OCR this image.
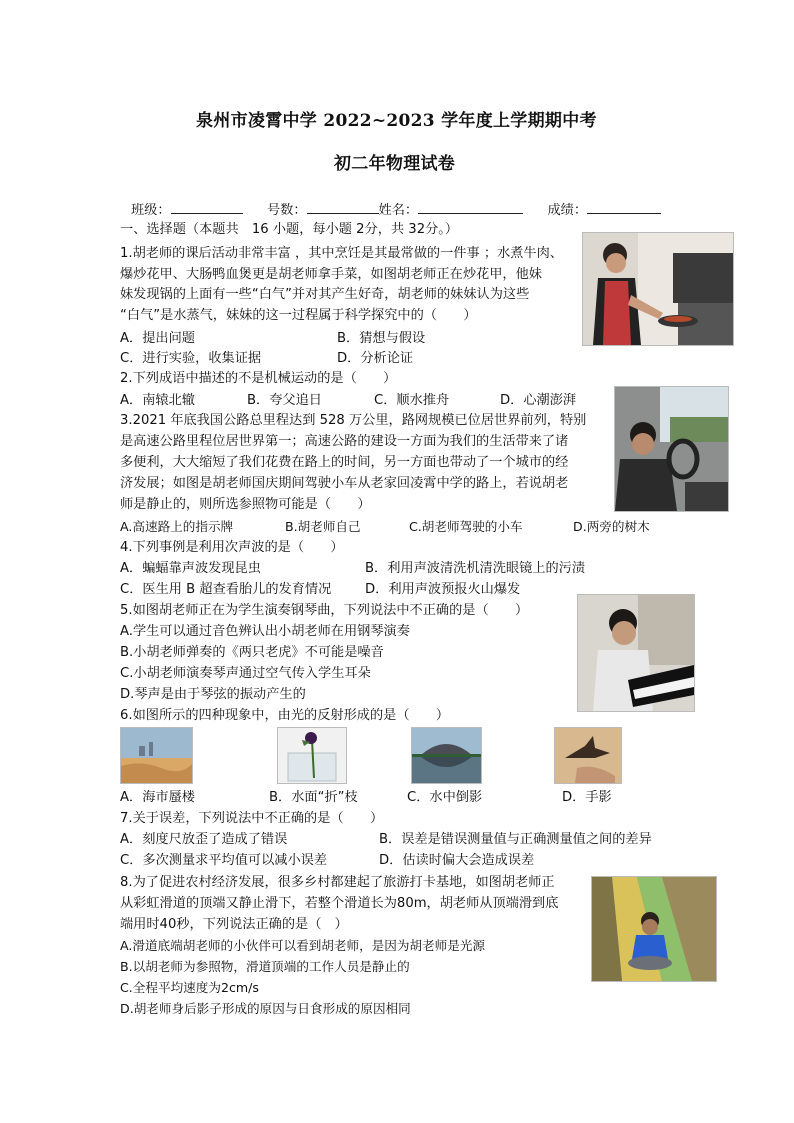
泉州市凌霄中学 2022~2023 学年度上学期期中考
初二年物理试卷
班级：	号数：	姓名：	成绩：
一、选择题（本题共　16 小题，每小题 2分，共 32分。）
1.胡老师的课后活动非常丰富 ，其中烹饪是其最常做的一件事 ；水煮牛肉、
爆炒花甲、大肠鸭血煲更是胡老师拿手菜，如图胡老师正在炒花甲，他妹
妹发现锅的上面有一些“白气”并对其产生好奇，胡老师的妹妹认为这些
“白气”是水蒸气，妹妹的这一过程属于科学探究中的（　　）
A．提出问题	B．猜想与假设
C．进行实验，收集证据	D．分析论证
2.下列成语中描述的不是机械运动的是（　　）
A．南辕北辙	B．夸父追日	C．顺水推舟	D．心潮澎湃
3.2021 年底我国公路总里程达到 528 万公里，路网规模已位居世界前列，特别
是高速公路里程位居世界第一；高速公路的建设一方面为我们的生活带来了诸
多便利，大大缩短了我们花费在路上的时间，另一方面也带动了一个城市的经
济发展；如图是胡老师国庆期间驾驶小车从老家回凌霄中学的路上，若说胡老
师是静止的，则所选参照物可能是（　　）
A.高速路上的指示牌	B.胡老师自己	C.胡老师驾驶的小车	D.两旁的树木
4.下列事例是利用次声波的是（　　）
A．蝙蝠靠声波发现昆虫	B．利用声波清洗机清洗眼镜上的污渍
C．医生用 B 超查看胎儿的发育情况	D．利用声波预报火山爆发
5.如图胡老师正在为学生演奏钢琴曲，下列说法中不正确的是（　　）
A.学生可以通过音色辨认出小胡老师在用钢琴演奏
B.小胡老师弹奏的《两只老虎》不可能是噪音
C.小胡老师演奏琴声通过空气传入学生耳朵
D.琴声是由于琴弦的振动产生的
6.如图所示的四种现象中，由光的反射形成的是（　　）
A．海市蜃楼	B．水面“折”枝	C．水中倒影	D．手影
7.关于误差，下列说法中不正确的是（　　）
A．刻度尺放歪了造成了错误	B．误差是错误测量值与正确测量值之间的差异
C．多次测量求平均值可以减小误差	D．估读时偏大会造成误差
8.为了促进农村经济发展，很多乡村都建起了旅游打卡基地，如图胡老师正
从彩虹滑道的顶端又静止滑下，若整个滑道长为80m，胡老师从顶端滑到底
端用时40秒，下列说法正确的是（　）
A.滑道底端胡老师的小伙伴可以看到胡老师，是因为胡老师是光源
B.以胡老师为参照物，滑道顶端的工作人员是静止的
C.全程平均速度为2cm/s
D.胡老师身后影子形成的原因与日食形成的原因相同
